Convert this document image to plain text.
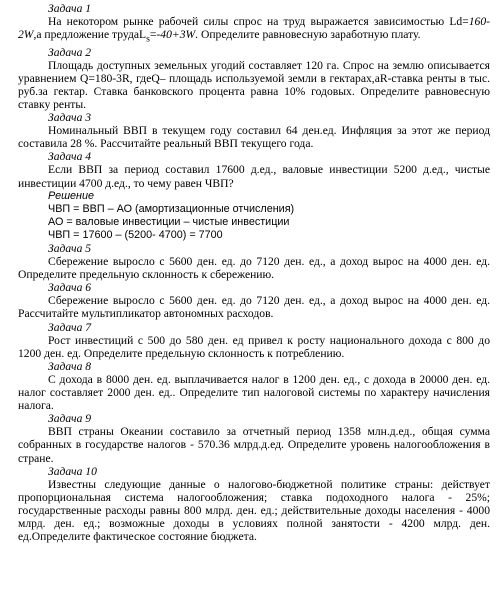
Задача 1
На некотором рынке рабочей силы спрос на труд выражается зависимостью Ld=160-2W,а предложение трудаL$_s$=-40+3W. Определите равновесную заработную плату.
Задача 2
Площадь доступных земельных угодий составляет 120 га. Спрос на землю описывается уравнением Q=180-3R, гдеQ– площадь используемой земли в гектарах,aR-ставка ренты в тыс. руб.за гектар. Ставка банковского процента равна 10% годовых. Определите равновесную ставку ренты.
Задача 3
Номинальный ВВП в текущем году составил 64 ден.ед. Инфляция за этот же период составила 28 %. Рассчитайте реальный ВВП текущего года.
Задача 4
Если ВВП за период составил 17600 д.ед., валовые инвестиции 5200 д.ед., чистые инвестиции 4700 д.ед., то чему равен ЧВП?
Решение
ЧВП = ВВП – АО (амортизационные отчисления)
АО = валовые инвестиции – чистые инвестиции
ЧВП = 17600 – (5200- 4700) = 7700
Задача 5
Сбережение выросло с 5600 ден. ед. до 7120 ден. ед., а доход вырос на 4000 ден. ед. Определите предельную склонность к сбережению.
Задача 6
Сбережение выросло с 5600 ден. ед. до 7120 ден. ед., а доход вырос на 4000 ден. ед. Рассчитайте мультипликатор автономных расходов.
Задача 7
Рост инвестиций с 500 до 580 ден. ед привел к росту национального дохода с 800 до 1200 ден. ед. Определите предельную склонность к потреблению.
Задача 8
С дохода в 8000 ден. ед. выплачивается налог в 1200 ден. ед., с дохода в 20000 ден. ед. налог составляет 2000 ден. ед.. Определите тип налоговой системы по характеру начисления налога.
Задача 9
ВВП страны Океании составило за отчетный период 1358 млн.д.ед., общая сумма собранных в государстве налогов - 570.36 млрд.д.ед. Определите уровень налогообложения в стране.
Задача 10
Известны следующие данные о налогово-бюджетной политике страны: действует пропорциональная система налогообложения; ставка подоходного налога - 25%; государственные расходы равны 800 млрд. ден. ед.; действительные доходы населения - 4000 млрд. ден. ед.; возможные доходы в условиях полной занятости - 4200 млрд. ден. ед.Определите фактическое состояние бюджета.
